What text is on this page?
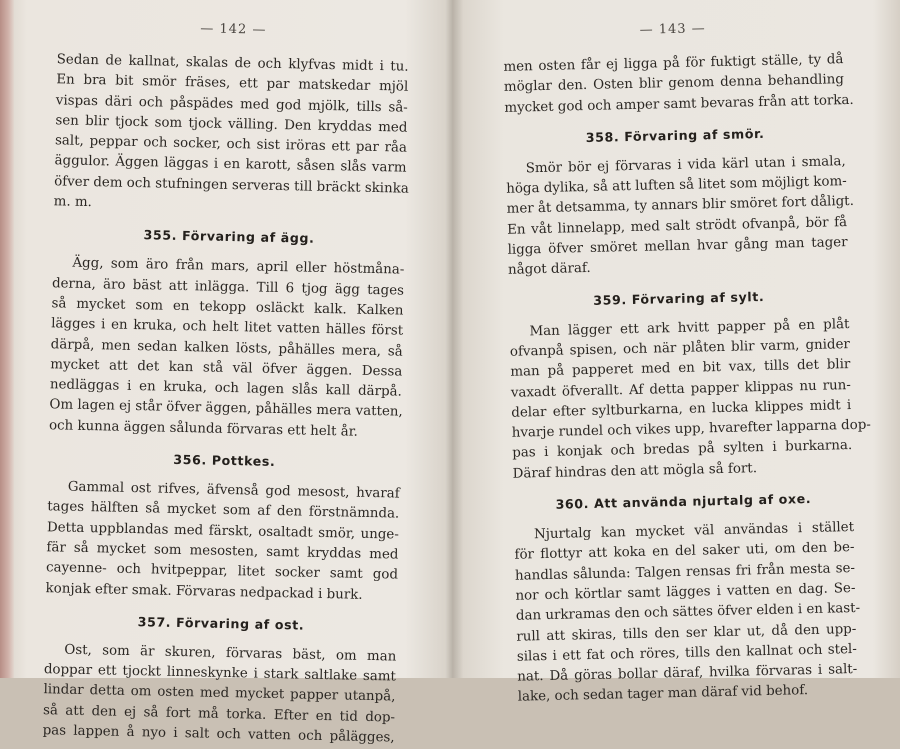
— 142 —
Sedan de kallnat, skalas de och klyfvas midt i tu.
En bra bit smör fräses, ett par matskedar mjöl
vispas däri och påspädes med god mjölk, tills så-
sen blir tjock som tjock välling. Den kryddas med
salt, peppar och socker, och sist iröras ett par råa
äggulor. Äggen läggas i en karott, såsen slås varm
öfver dem och stufningen serveras till bräckt skinka
m. m.
355. Förvaring af ägg.
Ägg, som äro från mars, april eller höstmåna-
derna, äro bäst att inlägga. Till 6 tjog ägg tages
så mycket som en tekopp osläckt kalk. Kalken
lägges i en kruka, och helt litet vatten hälles först
därpå, men sedan kalken lösts, påhälles mera, så
mycket att det kan stå väl öfver äggen. Dessa
nedläggas i en kruka, och lagen slås kall därpå.
Om lagen ej står öfver äggen, påhälles mera vatten,
och kunna äggen sålunda förvaras ett helt år.
356. Pottkes.
Gammal ost rifves, äfvenså god mesost, hvaraf
tages hälften så mycket som af den förstnämnda.
Detta uppblandas med färskt, osaltadt smör, unge-
fär så mycket som mesosten, samt kryddas med
cayenne- och hvitpeppar, litet socker samt god
konjak efter smak. Förvaras nedpackad i burk.
357. Förvaring af ost.
Ost, som är skuren, förvaras bäst, om man
doppar ett tjockt linneskynke i stark saltlake samt
lindar detta om osten med mycket papper utanpå,
så att den ej så fort må torka. Efter en tid dop-
pas lappen å nyo i salt och vatten och pålägges,
— 143 —
men osten får ej ligga på för fuktigt ställe, ty då
möglar den. Osten blir genom denna behandling
mycket god och amper samt bevaras från att torka.
358. Förvaring af smör.
Smör bör ej förvaras i vida kärl utan i smala,
höga dylika, så att luften så litet som möjligt kom-
mer åt detsamma, ty annars blir smöret fort dåligt.
En våt linnelapp, med salt strödt ofvanpå, bör få
ligga öfver smöret mellan hvar gång man tager
något däraf.
359. Förvaring af sylt.
Man lägger ett ark hvitt papper på en plåt
ofvanpå spisen, och när plåten blir varm, gnider
man på papperet med en bit vax, tills det blir
vaxadt öfverallt. Af detta papper klippas nu run-
delar efter syltburkarna, en lucka klippes midt i
hvarje rundel och vikes upp, hvarefter lapparna dop-
pas i konjak och bredas på sylten i burkarna.
Däraf hindras den att mögla så fort.
360. Att använda njurtalg af oxe.
Njurtalg kan mycket väl användas i stället
för flottyr att koka en del saker uti, om den be-
handlas sålunda: Talgen rensas fri från mesta se-
nor och körtlar samt lägges i vatten en dag. Se-
dan urkramas den och sättes öfver elden i en kast-
rull att skiras, tills den ser klar ut, då den upp-
silas i ett fat och röres, tills den kallnat och stel-
nat. Då göras bollar däraf, hvilka förvaras i salt-
lake, och sedan tager man däraf vid behof.
